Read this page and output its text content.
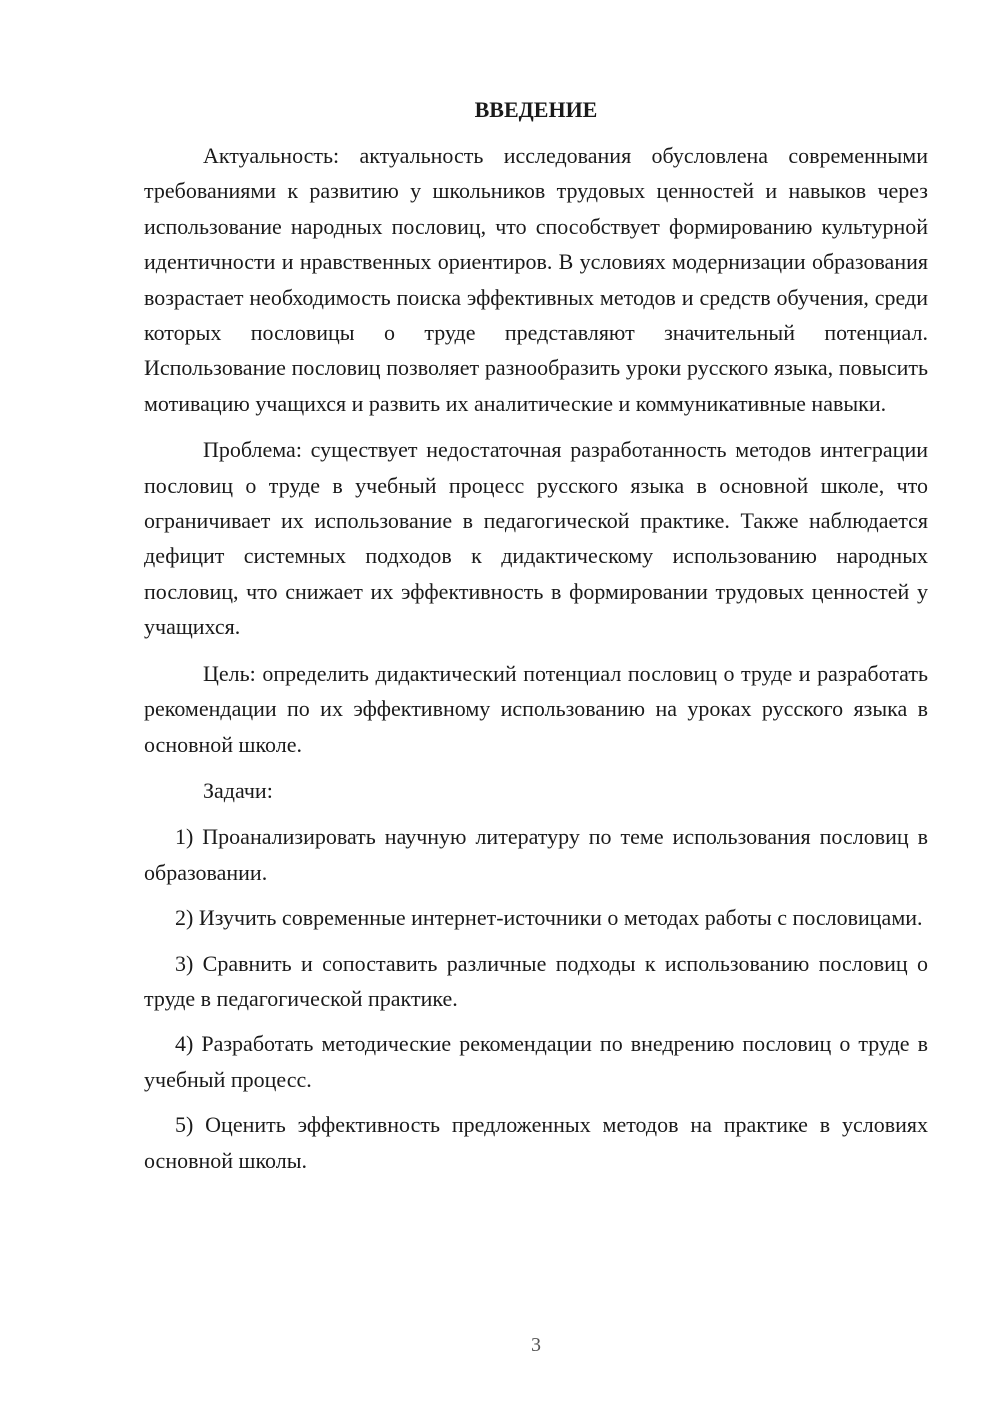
ВВЕДЕНИЕ

Актуальность: актуальность исследования обусловлена современными требованиями к развитию у школьников трудовых ценностей и навыков через использование народных пословиц, что способствует формированию культурной идентичности и нравственных ориентиров. В условиях модернизации образования возрастает необходимость поиска эффективных методов и средств обучения, среди которых пословицы о труде представляют значительный потенциал. Использование пословиц позволяет разнообразить уроки русского языка, повысить мотивацию учащихся и развить их аналитические и коммуникативные навыки.

Проблема: существует недостаточная разработанность методов интеграции пословиц о труде в учебный процесс русского языка в основной школе, что ограничивает их использование в педагогической практике. Также наблюдается дефицит системных подходов к дидактическому использованию народных пословиц, что снижает их эффективность в формировании трудовых ценностей у учащихся.

Цель: определить дидактический потенциал пословиц о труде и разработать рекомендации по их эффективному использованию на уроках русского языка в основной школе.

Задачи:

1) Проанализировать научную литературу по теме использования пословиц в образовании.

2) Изучить современные интернет-источники о методах работы с пословицами.

3) Сравнить и сопоставить различные подходы к использованию пословиц о труде в педагогической практике.

4) Разработать методические рекомендации по внедрению пословиц о труде в учебный процесс.

5) Оценить эффективность предложенных методов на практике в условиях основной школы.

3
